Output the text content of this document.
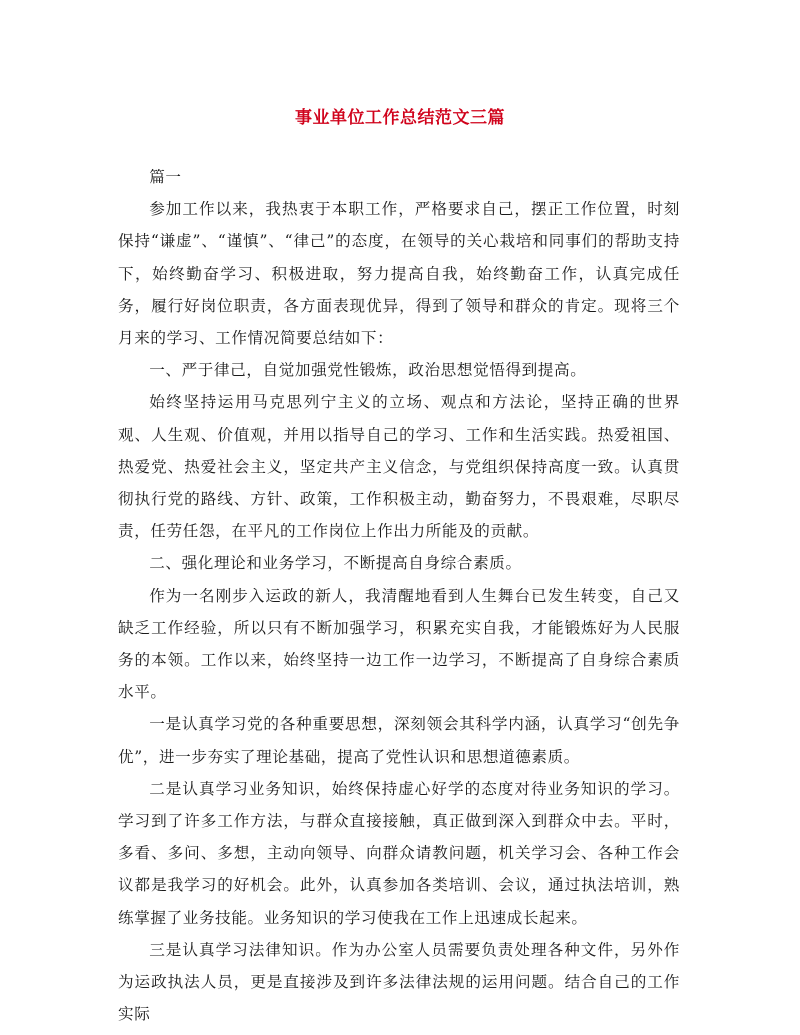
事业单位工作总结范文三篇

篇一

参加工作以来，我热衷于本职工作，严格要求自己，摆正工作位置，时刻保持“谦虚”、“谨慎”、“律己”的态度，在领导的关心栽培和同事们的帮助支持下，始终勤奋学习、积极进取，努力提高自我，始终勤奋工作，认真完成任务，履行好岗位职责，各方面表现优异，得到了领导和群众的肯定。现将三个月来的学习、工作情况简要总结如下：

一、严于律己，自觉加强党性锻炼，政治思想觉悟得到提高。

始终坚持运用马克思列宁主义的立场、观点和方法论，坚持正确的世界观、人生观、价值观，并用以指导自己的学习、工作和生活实践。热爱祖国、热爱党、热爱社会主义，坚定共产主义信念，与党组织保持高度一致。认真贯彻执行党的路线、方针、政策，工作积极主动，勤奋努力，不畏艰难，尽职尽责，任劳任怨，在平凡的工作岗位上作出力所能及的贡献。

二、强化理论和业务学习，不断提高自身综合素质。

作为一名刚步入运政的新人，我清醒地看到人生舞台已发生转变，自己又缺乏工作经验，所以只有不断加强学习，积累充实自我，才能锻炼好为人民服务的本领。工作以来，始终坚持一边工作一边学习，不断提高了自身综合素质水平。

一是认真学习党的各种重要思想，深刻领会其科学内涵，认真学习“创先争优”，进一步夯实了理论基础，提高了党性认识和思想道德素质。

二是认真学习业务知识，始终保持虚心好学的态度对待业务知识的学习。学习到了许多工作方法，与群众直接接触，真正做到深入到群众中去。平时，多看、多问、多想，主动向领导、向群众请教问题，机关学习会、各种工作会议都是我学习的好机会。此外，认真参加各类培训、会议，通过执法培训，熟练掌握了业务技能。业务知识的学习使我在工作上迅速成长起来。

三是认真学习法律知识。作为办公室人员需要负责处理各种文件，另外作为运政执法人员，更是直接涉及到许多法律法规的运用问题。结合自己的工作实际
